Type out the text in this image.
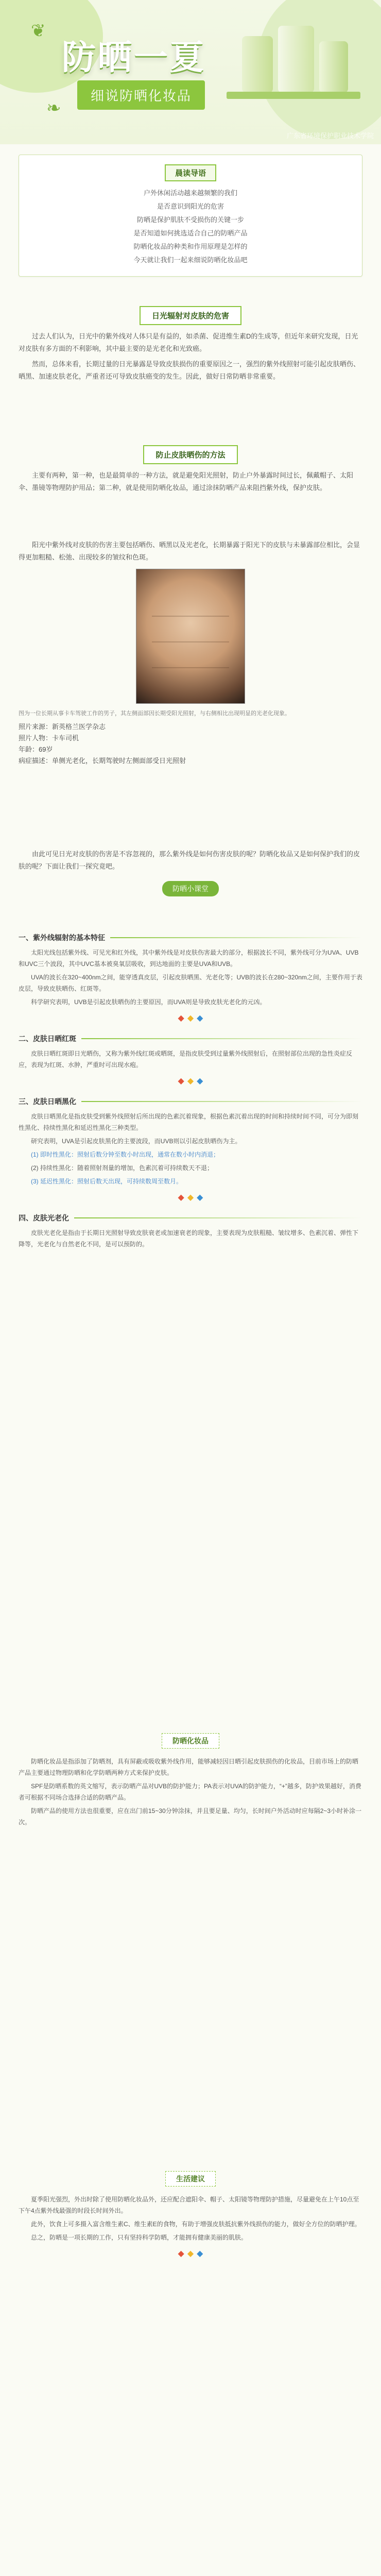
❦
❧
防晒一夏
细说防晒化妆品
广东省环境保护职业技术学院
晨读导语
户外休闲活动越来越频繁的我们
是否意识到阳光的危害
防晒是保护肌肤不受损伤的关键一步
是否知道如何挑选适合自己的防晒产品
防晒化妆品的种类和作用原理是怎样的
今天就让我们一起来细说防晒化妆品吧
日光辐射对皮肤的危害

过去人们认为，日光中的紫外线对人体只是有益的，如杀菌、促进维生素D的生成等，但近年来研究发现，日光对皮肤有多方面的不利影响，其中最主要的是光老化和光致癌。

然而，总体来看，长期过量的日光暴露是导致皮肤损伤的重要原因之一，强烈的紫外线照射可能引起皮肤晒伤、晒黑、加速皮肤老化，严重者还可导致皮肤癌变的发生。因此，做好日常防晒非常重要。

防止皮肤晒伤的方法

主要有两种，第一种，也是最简单的一种方法，就是避免阳光照射，防止户外暴露时间过长，佩戴帽子、太阳伞、墨镜等物理防护用品；第二种，就是使用防晒化妆品，通过涂抹防晒产品来阻挡紫外线，保护皮肤。

阳光中紫外线对皮肤的伤害主要包括晒伤、晒黑以及光老化，长期暴露于阳光下的皮肤与未暴露部位相比，会显得更加粗糙、松弛、出现较多的皱纹和色斑。

图为一位长期从事卡车驾驶工作的男子，其左侧面部因长期受阳光照射，与右侧相比出现明显的光老化现象。

照片来源：新英格兰医学杂志
照片人物：卡车司机
年龄：69岁
病症描述：单侧光老化，长期驾驶时左侧面部受日光照射

由此可见日光对皮肤的伤害是不容忽视的，那么紫外线是如何伤害皮肤的呢？防晒化妆品又是如何保护我们的皮肤的呢？下面让我们一探究竟吧。

防晒小课堂
一、紫外线辐射的基本特征

太阳光线包括紫外线、可见光和红外线，其中紫外线是对皮肤伤害最大的部分，根据波长不同，紫外线可分为UVA、UVB和UVC三个波段，其中UVC基本被臭氧层吸收，到达地面的主要是UVA和UVB。

UVA的波长在320~400nm之间，能穿透真皮层，引起皮肤晒黑、光老化等；UVB的波长在280~320nm之间，主要作用于表皮层，导致皮肤晒伤、红斑等。

科学研究表明，UVB是引起皮肤晒伤的主要原因，而UVA则是导致皮肤光老化的元凶。

◆ ◆ ◆
二、皮肤日晒红斑

皮肤日晒红斑即日光晒伤，又称为紫外线红斑或晒斑，是指皮肤受到过量紫外线照射后，在照射部位出现的急性炎症反应，表现为红斑、水肿，严重时可出现水疱。

◆ ◆ ◆
三、皮肤日晒黑化

皮肤日晒黑化是指皮肤受到紫外线照射后所出现的色素沉着现象，根据色素沉着出现的时间和持续时间不同，可分为即刻性黑化、持续性黑化和延迟性黑化三种类型。

研究表明，UVA是引起皮肤黑化的主要波段，而UVB则以引起皮肤晒伤为主。

(1) 即时性黑化：照射后数分钟至数小时出现，通常在数小时内消退；

(2) 持续性黑化：随着照射剂量的增加，色素沉着可持续数天不退；

(3) 延迟性黑化：照射后数天出现，可持续数周至数月。

◆ ◆ ◆
四、皮肤光老化

皮肤光老化是指由于长期日光照射导致皮肤衰老或加速衰老的现象，主要表现为皮肤粗糙、皱纹增多、色素沉着、弹性下降等，光老化与自然老化不同，是可以预防的。

防晒化妆品

防晒化妆品是指添加了防晒剂，具有屏蔽或吸收紫外线作用，能够减轻因日晒引起皮肤损伤的化妆品，目前市场上的防晒产品主要通过物理防晒和化学防晒两种方式来保护皮肤。

SPF是防晒系数的英文缩写，表示防晒产品对UVB的防护能力；PA表示对UVA的防护能力，“+”越多，防护效果越好，消费者可根据不同场合选择合适的防晒产品。

防晒产品的使用方法也很重要，应在出门前15~30分钟涂抹，并且要足量、均匀，长时间户外活动时应每隔2~3小时补涂一次。

生活建议

夏季阳光强烈，外出时除了使用防晒化妆品外，还应配合遮阳伞、帽子、太阳镜等物理防护措施，尽量避免在上午10点至下午4点紫外线最强的时段长时间外出。

此外，饮食上可多摄入富含维生素C、维生素E的食物，有助于增强皮肤抵抗紫外线损伤的能力，做好全方位的防晒护理。

总之，防晒是一项长期的工作，只有坚持科学防晒，才能拥有健康美丽的肌肤。

◆ ◆ ◆
